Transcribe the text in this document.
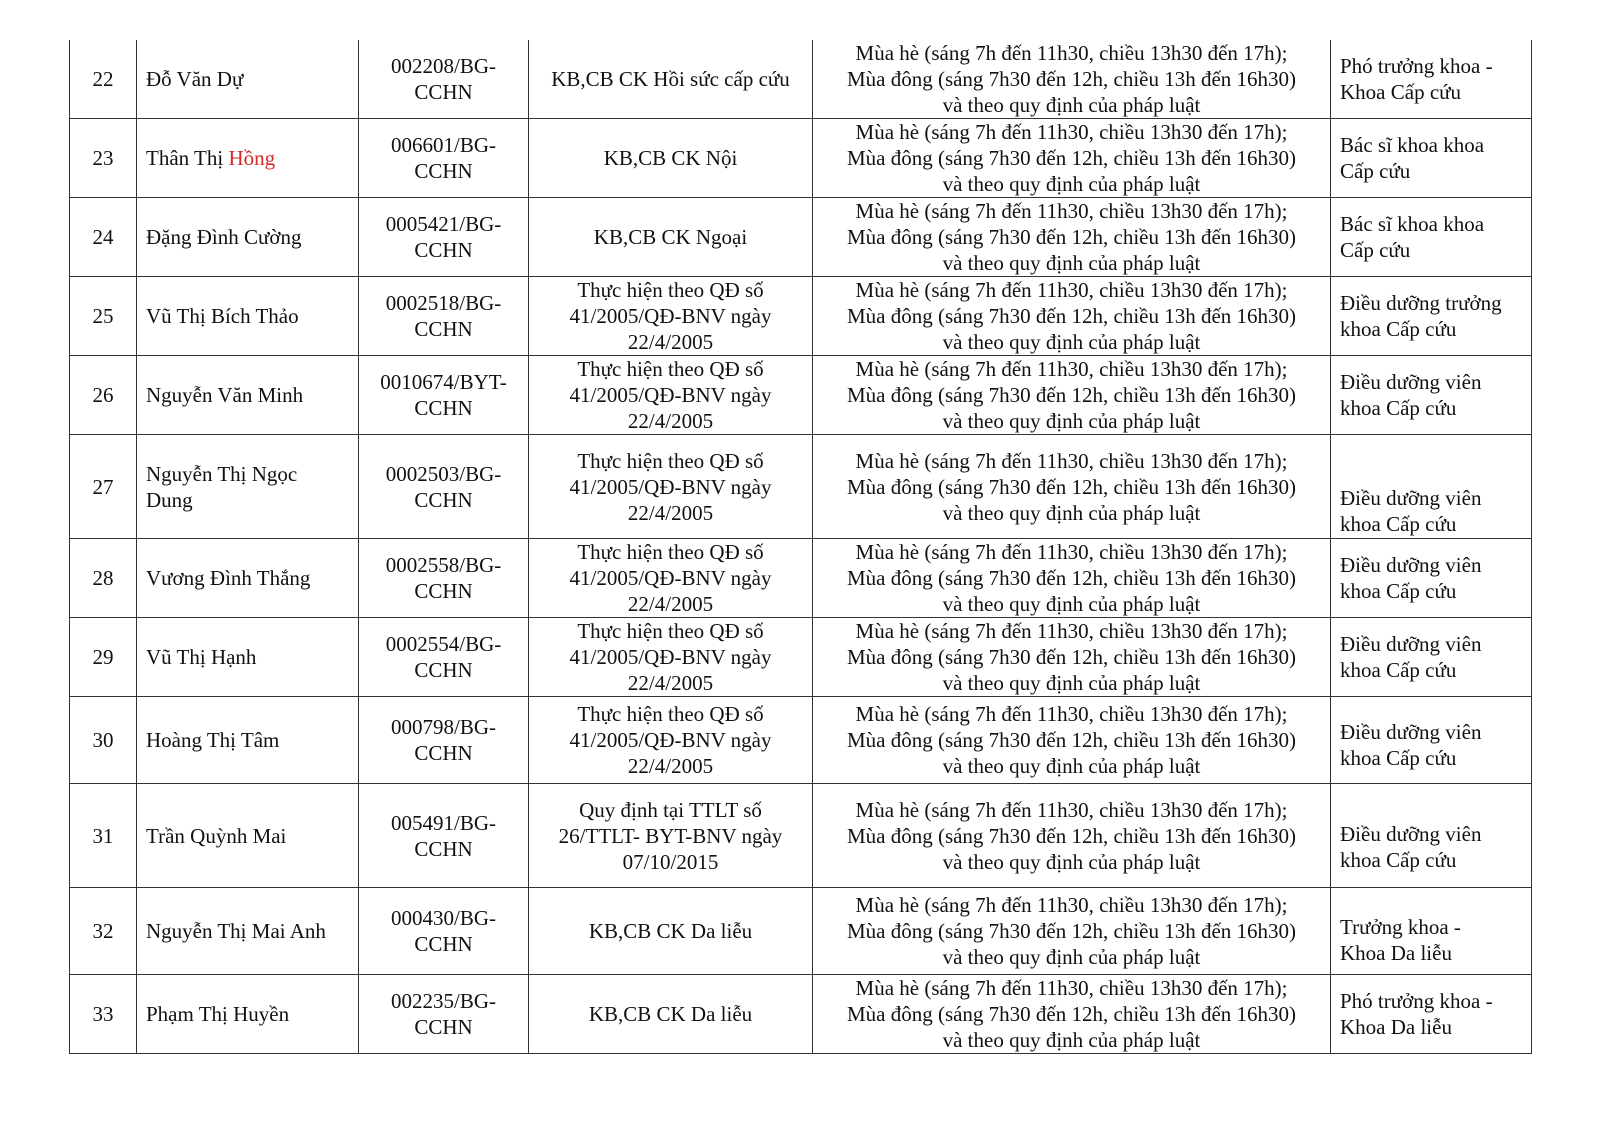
22	Đỗ Văn Dự	002208/BG-
CCHN	KB,CB CK Hồi sức cấp cứu	Mùa hè (sáng 7h đến 11h30, chiều 13h30 đến 17h);
Mùa đông (sáng 7h30 đến 12h, chiều 13h đến 16h30)
và theo quy định của pháp luật	Phó trưởng khoa -
Khoa Cấp cứu
23	Thân Thị Hồng	006601/BG-
CCHN	KB,CB CK Nội	Mùa hè (sáng 7h đến 11h30, chiều 13h30 đến 17h);
Mùa đông (sáng 7h30 đến 12h, chiều 13h đến 16h30)
và theo quy định của pháp luật	Bác sĩ khoa khoa
Cấp cứu
24	Đặng Đình Cường	0005421/BG-
CCHN	KB,CB CK Ngoại	Mùa hè (sáng 7h đến 11h30, chiều 13h30 đến 17h);
Mùa đông (sáng 7h30 đến 12h, chiều 13h đến 16h30)
và theo quy định của pháp luật	Bác sĩ khoa khoa
Cấp cứu
25	Vũ Thị Bích Thảo	0002518/BG-
CCHN	Thực hiện theo QĐ số
41/2005/QĐ-BNV ngày
22/4/2005	Mùa hè (sáng 7h đến 11h30, chiều 13h30 đến 17h);
Mùa đông (sáng 7h30 đến 12h, chiều 13h đến 16h30)
và theo quy định của pháp luật	Điều dưỡng trưởng
khoa Cấp cứu
26	Nguyễn Văn Minh	0010674/BYT-
CCHN	Thực hiện theo QĐ số
41/2005/QĐ-BNV ngày
22/4/2005	Mùa hè (sáng 7h đến 11h30, chiều 13h30 đến 17h);
Mùa đông (sáng 7h30 đến 12h, chiều 13h đến 16h30)
và theo quy định của pháp luật	Điều dưỡng viên
khoa Cấp cứu
27	Nguyễn Thị Ngọc Dung	0002503/BG-
CCHN	Thực hiện theo QĐ số
41/2005/QĐ-BNV ngày
22/4/2005	Mùa hè (sáng 7h đến 11h30, chiều 13h30 đến 17h);
Mùa đông (sáng 7h30 đến 12h, chiều 13h đến 16h30)
và theo quy định của pháp luật	Điều dưỡng viên
khoa Cấp cứu
28	Vương Đình Thắng	0002558/BG-
CCHN	Thực hiện theo QĐ số
41/2005/QĐ-BNV ngày
22/4/2005	Mùa hè (sáng 7h đến 11h30, chiều 13h30 đến 17h);
Mùa đông (sáng 7h30 đến 12h, chiều 13h đến 16h30)
và theo quy định của pháp luật	Điều dưỡng viên
khoa Cấp cứu
29	Vũ Thị Hạnh	0002554/BG-
CCHN	Thực hiện theo QĐ số
41/2005/QĐ-BNV ngày
22/4/2005	Mùa hè (sáng 7h đến 11h30, chiều 13h30 đến 17h);
Mùa đông (sáng 7h30 đến 12h, chiều 13h đến 16h30)
và theo quy định của pháp luật	Điều dưỡng viên
khoa Cấp cứu
30	Hoàng Thị Tâm	000798/BG-
CCHN	Thực hiện theo QĐ số
41/2005/QĐ-BNV ngày
22/4/2005	Mùa hè (sáng 7h đến 11h30, chiều 13h30 đến 17h);
Mùa đông (sáng 7h30 đến 12h, chiều 13h đến 16h30)
và theo quy định của pháp luật	Điều dưỡng viên
khoa Cấp cứu
31	Trần Quỳnh Mai	005491/BG-
CCHN	Quy định tại TTLT số
26/TTLT- BYT-BNV ngày
07/10/2015	Mùa hè (sáng 7h đến 11h30, chiều 13h30 đến 17h);
Mùa đông (sáng 7h30 đến 12h, chiều 13h đến 16h30)
và theo quy định của pháp luật	Điều dưỡng viên
khoa Cấp cứu
32	Nguyễn Thị Mai Anh	000430/BG-
CCHN	KB,CB CK Da liễu	Mùa hè (sáng 7h đến 11h30, chiều 13h30 đến 17h);
Mùa đông (sáng 7h30 đến 12h, chiều 13h đến 16h30)
và theo quy định của pháp luật	Trưởng khoa -
Khoa Da liễu
33	Phạm Thị Huyền	002235/BG-
CCHN	KB,CB CK Da liễu	Mùa hè (sáng 7h đến 11h30, chiều 13h30 đến 17h);
Mùa đông (sáng 7h30 đến 12h, chiều 13h đến 16h30)
và theo quy định của pháp luật	Phó trưởng khoa -
Khoa Da liễu
